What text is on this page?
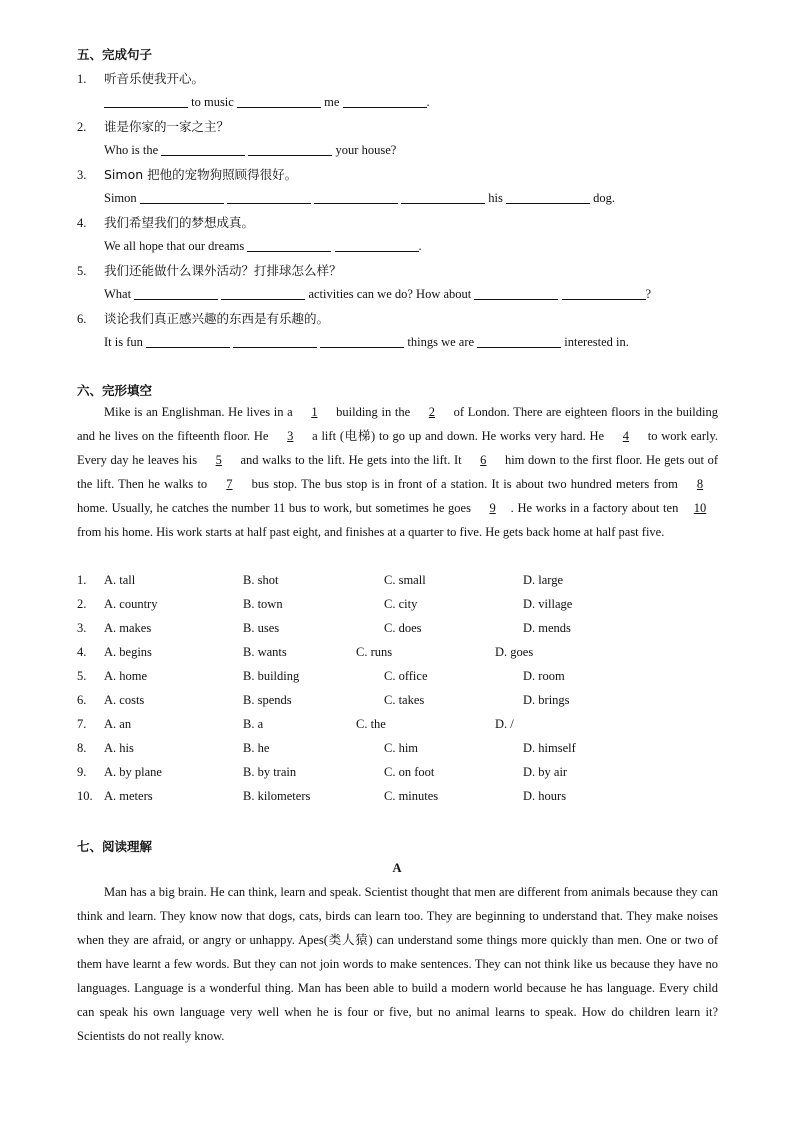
五、完成句子
1. 听音乐使我开心。
to music	me	.
2. 谁是你家的一家之主？
Who is the	your house?
3. Simon 把他的宠物狗照顾得很好。
Simon	his	dog.
4. 我们希望我们的梦想成真。
We all hope that our dreams	.
5. 我们还能做什么课外活动？打排球怎么样？
What	activities can we do? How about	?
6. 谈论我们真正感兴趣的东西是有乐趣的。
It is fun	things we are	interested in.
六、完形填空
Mike is an Englishman. He lives in a 1 building in the 2 of London. There are eighteen floors in the building and he lives on the fifteenth floor. He 3 a lift (电梯) to go up and down. He works very hard. He 4 to work early. Every day he leaves his 5 and walks to the lift. He gets into the lift. It 6 him down to the first floor. He gets out of the lift. Then he walks to 7 bus stop. The bus stop is in front of a station. It is about two hundred meters from 8 home. Usually, he catches the number 11 bus to work, but sometimes he goes 9 . He works in a factory about ten 10 from his home. His work starts at half past eight, and finishes at a quarter to five. He gets back home at half past five.
1. A. tall	B. shot	C. small	D. large
2. A. country	B. town	C. city	D. village
3. A. makes	B. uses	C. does	D. mends
4. A. begins	B. wants	C. runs	D. goes
5. A. home	B. building	C. office	D. room
6. A. costs	B. spends	C. takes	D. brings
7. A. an	B. a	C. the	D. /
8. A. his	B. he	C. him	D. himself
9. A. by plane	B. by train	C. on foot	D. by air
10. A. meters	B. kilometers	C. minutes	D. hours
七、阅读理解
A
Man has a big brain. He can think, learn and speak. Scientist thought that men are different from animals because they can think and learn. They know now that dogs, cats, birds can learn too. They are beginning to understand that. They make noises when they are afraid, or angry or unhappy. Apes(类人猿) can understand some things more quickly than men. One or two of them have learnt a few words. But they can not join words to make sentences. They can not think like us because they have no languages. Language is a wonderful thing. Man has been able to build a modern world because he has language. Every child can speak his own language very well when he is four or five, but no animal learns to speak. How do children learn it? Scientists do not really know.
